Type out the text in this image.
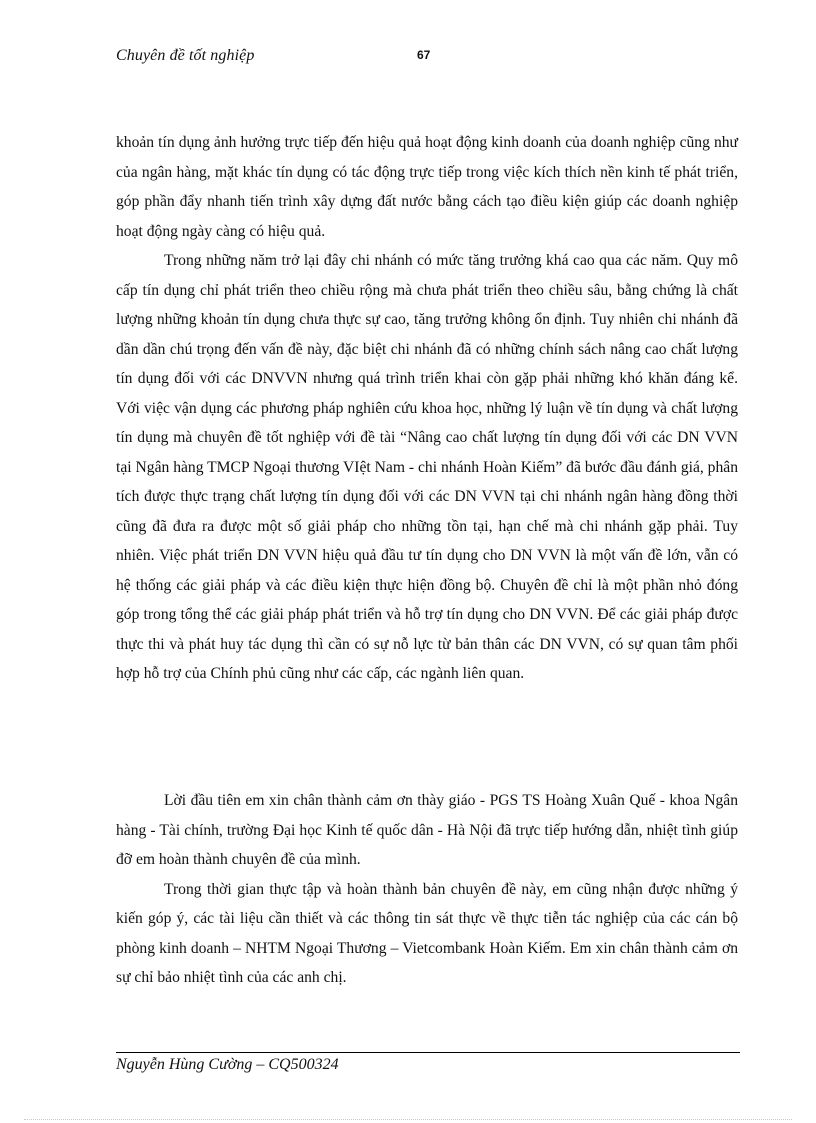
Chuyên đề tốt nghiệp	67

khoản tín dụng ảnh hưởng trực tiếp đến hiệu quả hoạt động kinh doanh của doanh nghiệp cũng như của ngân hàng, mặt khác tín dụng có tác động trực tiếp trong việc kích thích nền kinh tế phát triển, góp phần đẩy nhanh tiến trình xây dựng đất nước bằng cách tạo điều kiện giúp các doanh nghiệp hoạt động ngày càng có hiệu quả.

Trong những năm trở lại đây chi nhánh có mức tăng trưởng khá cao qua các năm. Quy mô cấp tín dụng chỉ phát triển theo chiều rộng mà chưa phát triển theo chiều sâu, bằng chứng là chất lượng những khoản tín dụng chưa thực sự cao, tăng trưởng không ổn định. Tuy nhiên chi nhánh đã dần dần chú trọng đến vấn đề này, đặc biệt chi nhánh đã có những chính sách nâng cao chất lượng tín dụng đối với các DNVVN nhưng quá trình triển khai còn gặp phải những khó khăn đáng kể. Với việc vận dụng các phương pháp nghiên cứu khoa học, những lý luận về tín dụng và chất lượng tín dụng mà chuyên đề tốt nghiệp với đề tài “Nâng cao chất lượng tín dụng đối với các DN VVN tại Ngân hàng TMCP Ngoại thương VIệt Nam - chi nhánh Hoàn Kiếm” đã bước đầu đánh giá, phân tích được thực trạng chất lượng tín dụng đối với các DN VVN tại chi nhánh ngân hàng đồng thời cũng đã đưa ra được một số giải pháp cho những tồn tại, hạn chế mà chi nhánh gặp phải. Tuy nhiên. Việc phát triển DN VVN hiệu quả đầu tư tín dụng cho DN VVN là một vấn đề lớn, vẫn có hệ thống các giải pháp và các điều kiện thực hiện đồng bộ. Chuyên đề chỉ là một phần nhỏ đóng góp trong tổng thể các giải pháp phát triển và hỗ trợ tín dụng cho DN VVN. Để các giải pháp được thực thi và phát huy tác dụng thì cần có sự nỗ lực từ bản thân các DN VVN, có sự quan tâm phối hợp hỗ trợ của Chính phủ cũng như các cấp, các ngành liên quan.

Lời đầu tiên em xin chân thành cảm ơn thày giáo - PGS TS Hoàng Xuân Quế - khoa Ngân hàng - Tài chính, trường Đại học Kinh tế quốc dân - Hà Nội đã trực tiếp hướng dẫn, nhiệt tình giúp đỡ em hoàn thành chuyên đề của mình.

Trong thời gian thực tập và hoàn thành bản chuyên đề này, em cũng nhận được những ý kiến góp ý, các tài liệu cần thiết và các thông tin sát thực về thực tiễn tác nghiệp của các cán bộ phòng kinh doanh – NHTM Ngoại Thương – Vietcombank Hoàn Kiếm. Em xin chân thành cảm ơn sự chỉ bảo nhiệt tình của các anh chị.

Nguyễn Hùng Cường – CQ500324
